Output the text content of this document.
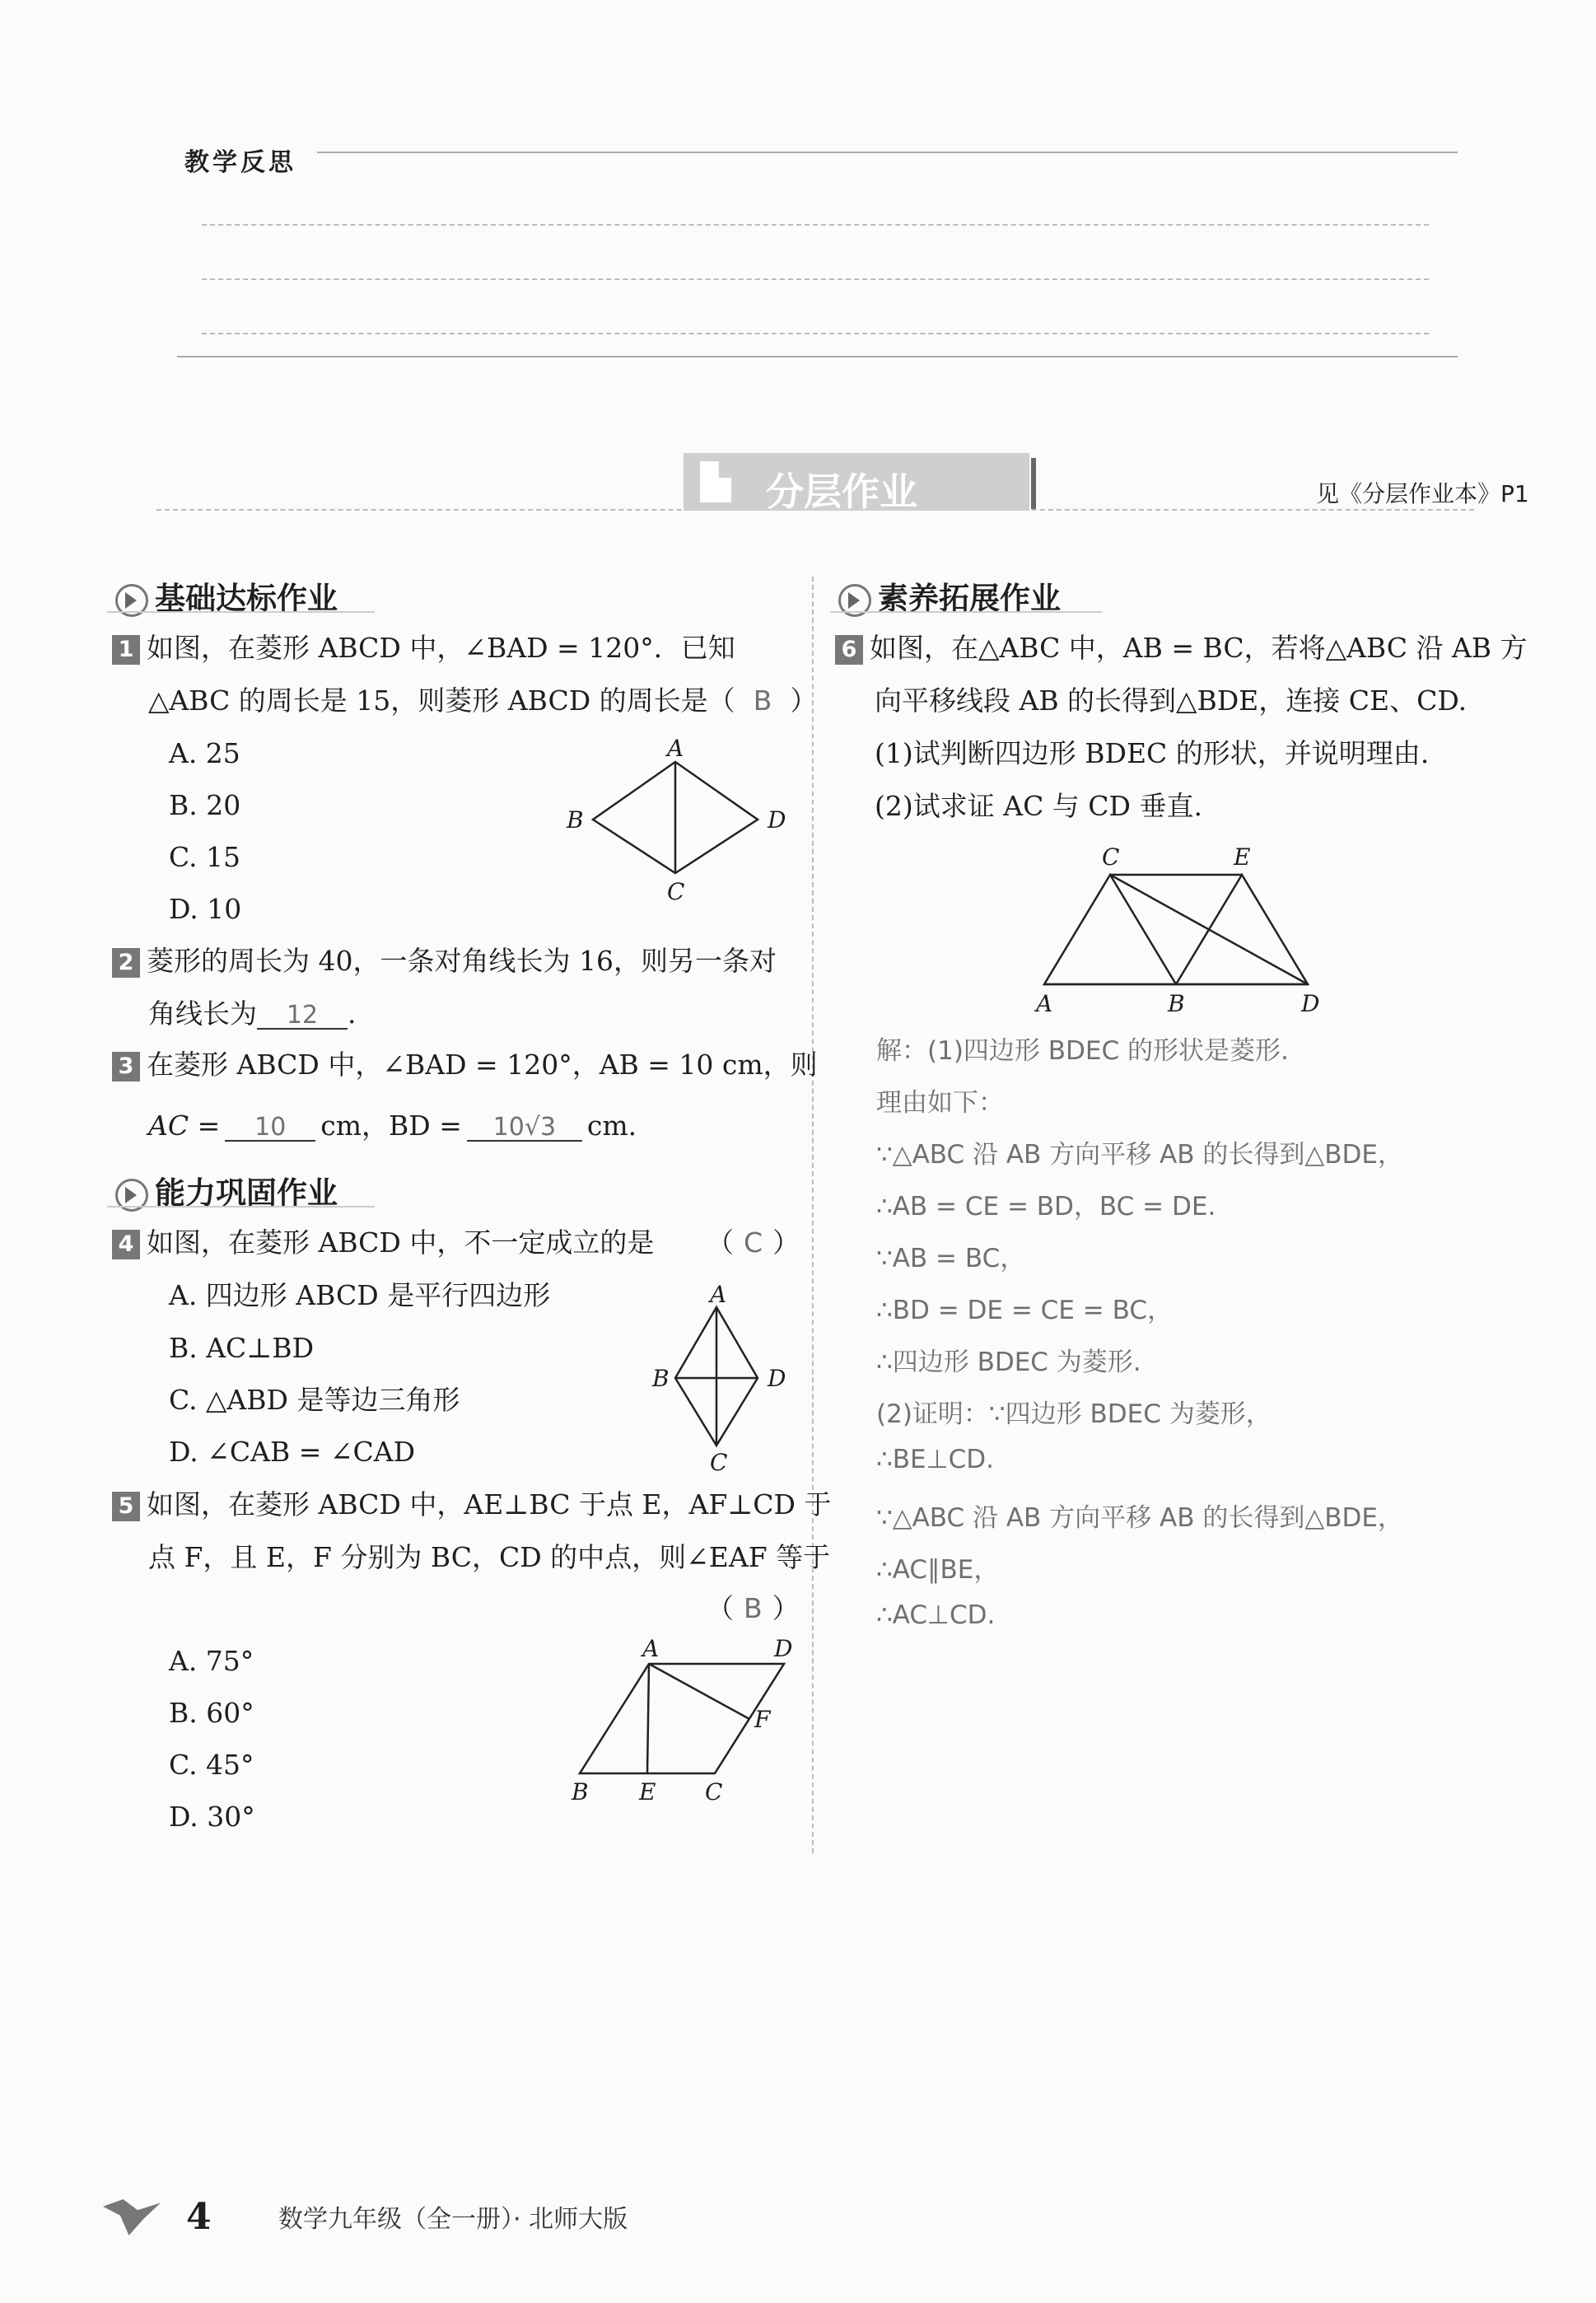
教学反思
分层作业	见《分层作业本》P1
基础达标作业
1 如图，在菱形 ABCD 中，∠BAD = 120°．已知
△ABC 的周长是 15，则菱形 ABCD 的周长是（ B ）
A. 25
B. 20
C. 15
D. 10
A
B
C
D
2 菱形的周长为 40，一条对角线长为 16，则另一条对
角线长为 12 .
3 在菱形 ABCD 中，∠BAD = 120°，AB = 10 cm，则
AC = 10 cm，BD = 10√3 cm.
能力巩固作业
4 如图，在菱形 ABCD 中，不一定成立的是 （ C ）
A. 四边形 ABCD 是平行四边形
B. AC⊥BD
C. △ABD 是等边三角形
D. ∠CAB = ∠CAD
A
B
C
D
5 如图，在菱形 ABCD 中，AE⊥BC 于点 E，AF⊥CD 于
点 F，且 E，F 分别为 BC，CD 的中点，则∠EAF 等于
（ B ）
A. 75°
B. 60°
C. 45°
D. 30°
A
B	C
D
E
F
素养拓展作业
6 如图，在△ABC 中，AB = BC，若将△ABC 沿 AB 方
向平移线段 AB 的长得到△BDE，连接 CE、CD.
(1)试判断四边形 BDEC 的形状，并说明理由.
(2)试求证 AC 与 CD 垂直.
A	B
C
D
E
解：(1)四边形 BDEC 的形状是菱形.
理由如下：
∵△ABC 沿 AB 方向平移 AB 的长得到△BDE，
∴AB = CE = BD，BC = DE.
∵AB = BC，
∴BD = DE = CE = BC，
∴四边形 BDEC 为菱形.
(2)证明：∵四边形 BDEC 为菱形，
∴BE⊥CD.
∵△ABC 沿 AB 方向平移 AB 的长得到△BDE，
∴AC∥BE，
∴AC⊥CD.
4	数学九年级（全一册）· 北师大版
